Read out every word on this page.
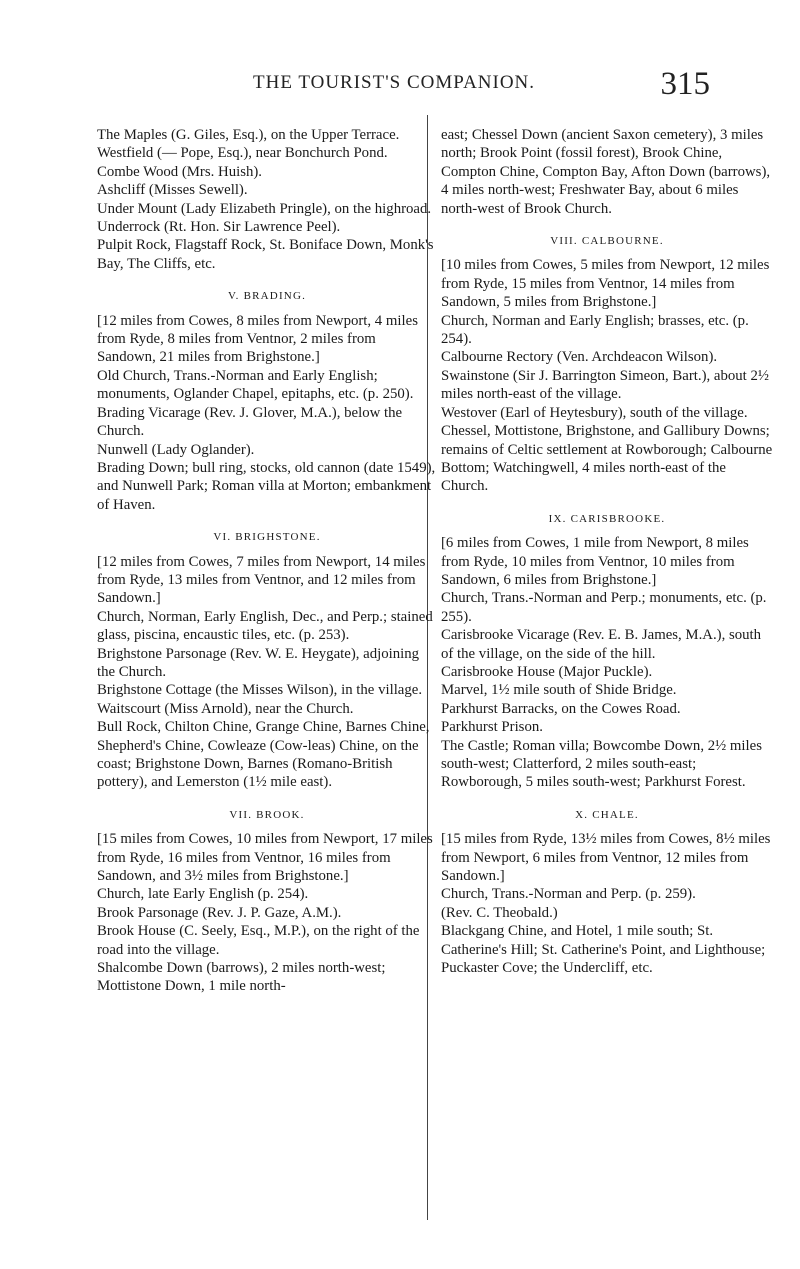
THE TOURIST'S COMPANION.	315

The Maples (G. Giles, Esq.), on the Upper Terrace.

Westfield (— Pope, Esq.), near Bonchurch Pond.

Combe Wood (Mrs. Huish).

Ashcliff (Misses Sewell).

Under Mount (Lady Elizabeth Pringle), on the highroad.

Underrock (Rt. Hon. Sir Lawrence Peel).

Pulpit Rock, Flagstaff Rock, St. Boniface Down, Monk's Bay, The Cliffs, etc.

V. BRADING.

[12 miles from Cowes, 8 miles from Newport, 4 miles from Ryde, 8 miles from Ventnor, 2 miles from Sandown, 21 miles from Brighstone.]

Old Church, Trans.-Norman and Early English; monuments, Oglander Chapel, epitaphs, etc. (p. 250).

Brading Vicarage (Rev. J. Glover, M.A.), below the Church.

Nunwell (Lady Oglander).

Brading Down; bull ring, stocks, old cannon (date 1549), and Nunwell Park; Roman villa at Morton; embankment of Haven.

VI. BRIGHSTONE.

[12 miles from Cowes, 7 miles from Newport, 14 miles from Ryde, 13 miles from Ventnor, and 12 miles from Sandown.]

Church, Norman, Early English, Dec., and Perp.; stained glass, piscina, encaustic tiles, etc. (p. 253).

Brighstone Parsonage (Rev. W. E. Heygate), adjoining the Church.

Brighstone Cottage (the Misses Wilson), in the village.

Waitscourt (Miss Arnold), near the Church.

Bull Rock, Chilton Chine, Grange Chine, Barnes Chine, Shepherd's Chine, Cowleaze (Cow-leas) Chine, on the coast; Brighstone Down, Barnes (Romano-British pottery), and Lemerston (1½ mile east).

VII. BROOK.

[15 miles from Cowes, 10 miles from Newport, 17 miles from Ryde, 16 miles from Ventnor, 16 miles from Sandown, and 3½ miles from Brighstone.]

Church, late Early English (p. 254).

Brook Parsonage (Rev. J. P. Gaze, A.M.).

Brook House (C. Seely, Esq., M.P.), on the right of the road into the village.

Shalcombe Down (barrows), 2 miles north-west; Mottistone Down, 1 mile north-

east; Chessel Down (ancient Saxon cemetery), 3 miles north; Brook Point (fossil forest), Brook Chine, Compton Chine, Compton Bay, Afton Down (barrows), 4 miles north-west; Freshwater Bay, about 6 miles north-west of Brook Church.

VIII. CALBOURNE.

[10 miles from Cowes, 5 miles from Newport, 12 miles from Ryde, 15 miles from Ventnor, 14 miles from Sandown, 5 miles from Brighstone.]

Church, Norman and Early English; brasses, etc. (p. 254).

Calbourne Rectory (Ven. Archdeacon Wilson).

Swainstone (Sir J. Barrington Simeon, Bart.), about 2½ miles north-east of the village.

Westover (Earl of Heytesbury), south of the village.

Chessel, Mottistone, Brighstone, and Gallibury Downs; remains of Celtic settlement at Rowborough; Calbourne Bottom; Watchingwell, 4 miles north-east of the Church.

IX. CARISBROOKE.

[6 miles from Cowes, 1 mile from Newport, 8 miles from Ryde, 10 miles from Ventnor, 10 miles from Sandown, 6 miles from Brighstone.]

Church, Trans.-Norman and Perp.; monuments, etc. (p. 255).

Carisbrooke Vicarage (Rev. E. B. James, M.A.), south of the village, on the side of the hill.

Carisbrooke House (Major Puckle).

Marvel, 1½ mile south of Shide Bridge.

Parkhurst Barracks, on the Cowes Road.

Parkhurst Prison.

The Castle; Roman villa; Bowcombe Down, 2½ miles south-west; Clatterford, 2 miles south-east; Rowborough, 5 miles south-west; Parkhurst Forest.

X. CHALE.

[15 miles from Ryde, 13½ miles from Cowes, 8½ miles from Newport, 6 miles from Ventnor, 12 miles from Sandown.]

Church, Trans.-Norman and Perp. (p. 259).

(Rev. C. Theobald.)

Blackgang Chine, and Hotel, 1 mile south; St. Catherine's Hill; St. Catherine's Point, and Lighthouse; Puckaster Cove; the Undercliff, etc.
